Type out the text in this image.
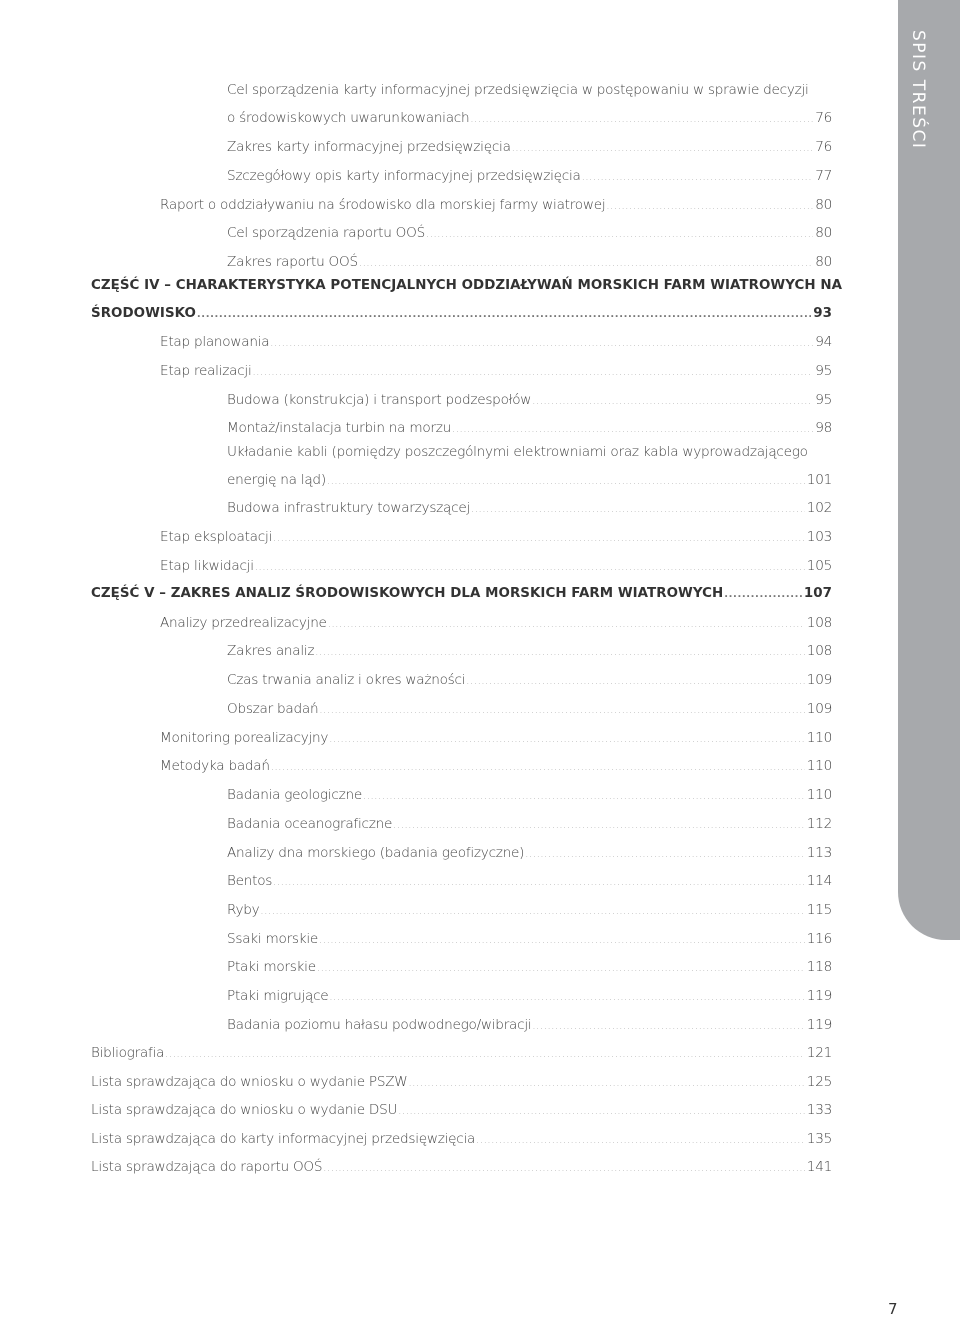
SPIS TREŚCI
Cel sporządzenia karty informacyjnej przedsięwzięcia w postępowaniu w sprawie decyzji
o środowiskowych uwarunkowaniach .....	76
Zakres karty informacyjnej przedsięwzięcia .....	76
Szczegółowy opis karty informacyjnej przedsięwzięcia .....	77
Raport o oddziaływaniu na środowisko dla morskiej farmy wiatrowej .....	80
Cel sporządzenia raportu OOŚ .....	80
Zakres raportu OOŚ .....	80
CZĘŚĆ IV – CHARAKTERYSTYKA POTENCJALNYCH ODDZIAŁYWAŃ MORSKICH FARM WIATROWYCH NA
ŚRODOWISKO .....	93
Etap planowania .....	94
Etap realizacji .....	95
Budowa (konstrukcja) i transport podzespołów .....	95
Montaż/instalacja turbin na morzu .....	98
Układanie kabli (pomiędzy poszczególnymi elektrowniami oraz kabla wyprowadzającego
energię na ląd) .....	101
Budowa infrastruktury towarzyszącej .....	102
Etap eksploatacji .....	103
Etap likwidacji .....	105
CZĘŚĆ V – ZAKRES ANALIZ ŚRODOWISKOWYCH DLA MORSKICH FARM WIATROWYCH .....	107
Analizy przedrealizacyjne .....	108
Zakres analiz .....	108
Czas trwania analiz i okres ważności .....	109
Obszar badań .....	109
Monitoring porealizacyjny .....	110
Metodyka badań .....	110
Badania geologiczne .....	110
Badania oceanograficzne .....	112
Analizy dna morskiego (badania geofizyczne) .....	113
Bentos .....	114
Ryby .....	115
Ssaki morskie .....	116
Ptaki morskie .....	118
Ptaki migrujące .....	119
Badania poziomu hałasu podwodnego/wibracji .....	119
Bibliografia .....	121
Lista sprawdzająca do wniosku o wydanie PSZW .....	125
Lista sprawdzająca do wniosku o wydanie DSU .....	133
Lista sprawdzająca do karty informacyjnej przedsięwzięcia .....	135
Lista sprawdzająca do raportu OOŚ .....	141
7
